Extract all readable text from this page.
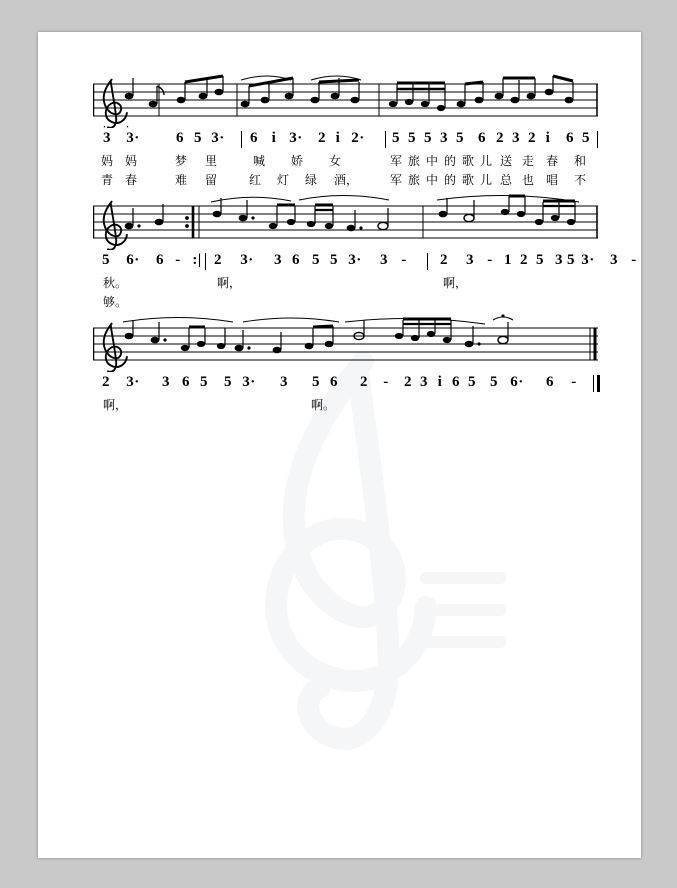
3
·
3·
·
6 5 3· 6 i 3· 2 i 2· 5 5 5 3 5 6 2 3 2 i	6 5
妈 妈	梦 里	喊 娇 女	军 旅 中 的 歌 儿 送 走 春 和
青 春	难 留	红 灯 绿 酒，	军 旅 中 的 歌 儿 总 也 唱 不
5 6· 6 - :| 2 3· 3 6 5 5 3· 3 - 2 3 - 1 2 5 3 5 3· 3 -
秋。	啊，	啊，
够。
2 3· 3 6 5 5 3· 3 5 6 2 - 2 3 i 6 5 5 6· 6 -
啊，	啊。
